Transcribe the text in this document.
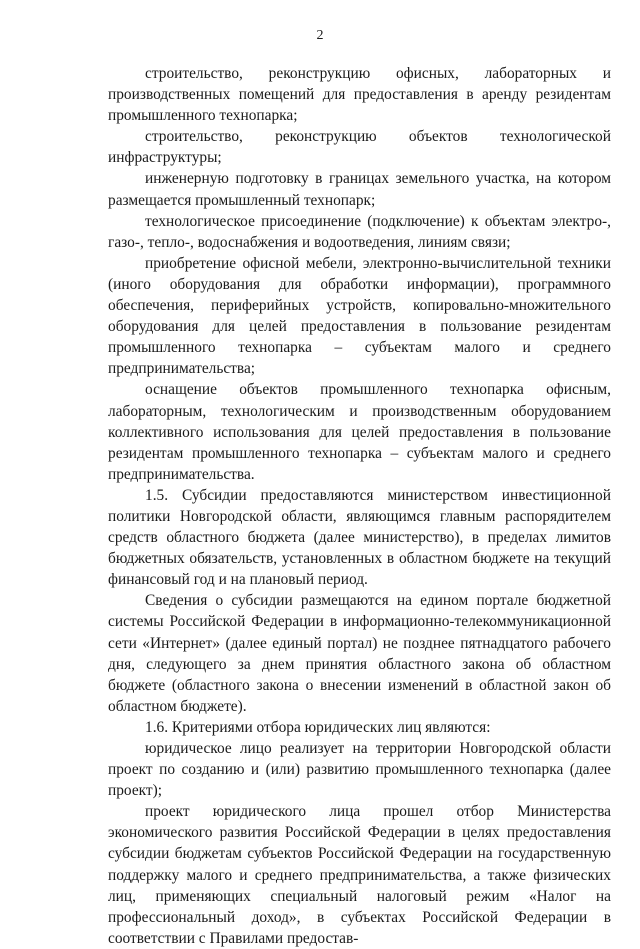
2

строительство, реконструкцию офисных, лабораторных и производственных помещений для предоставления в аренду резидентам промышленного технопарка;

строительство, реконструкцию объектов технологической инфраструктуры;

инженерную подготовку в границах земельного участка, на котором размещается промышленный технопарк;

технологическое присоединение (подключение) к объектам электро-, газо-, тепло-, водоснабжения и водоотведения, линиям связи;

приобретение офисной мебели, электронно-вычислительной техники (иного оборудования для обработки информации), программного обеспечения, периферийных устройств, копировально-множительного оборудования для целей предоставления в пользование резидентам промышленного технопарка – субъектам малого и среднего предпринимательства;

оснащение объектов промышленного технопарка офисным, лабораторным, технологическим и производственным оборудованием коллективного использования для целей предоставления в пользование резидентам промышленного технопарка – субъектам малого и среднего предпринимательства.

1.5. Субсидии предоставляются министерством инвестиционной политики Новгородской области, являющимся главным распорядителем средств областного бюджета (далее министерство), в пределах лимитов бюджетных обязательств, установленных в областном бюджете на текущий финансовый год и на плановый период.

Сведения о субсидии размещаются на едином портале бюджетной системы Российской Федерации в информационно-телекоммуникационной сети «Интернет» (далее единый портал) не позднее пятнадцатого рабочего дня, следующего за днем принятия областного закона об областном бюджете (областного закона о внесении изменений в областной закон об областном бюджете).

1.6. Критериями отбора юридических лиц являются:

юридическое лицо реализует на территории Новгородской области проект по созданию и (или) развитию промышленного технопарка (далее проект);

проект юридического лица прошел отбор Министерства экономического развития Российской Федерации в целях предоставления субсидии бюджетам субъектов Российской Федерации на государственную поддержку малого и среднего предпринимательства, а также физических лиц, применяющих специальный налоговый режим «Налог на профессиональный доход», в субъектах Российской Федерации в соответствии с Правилами предостав-
